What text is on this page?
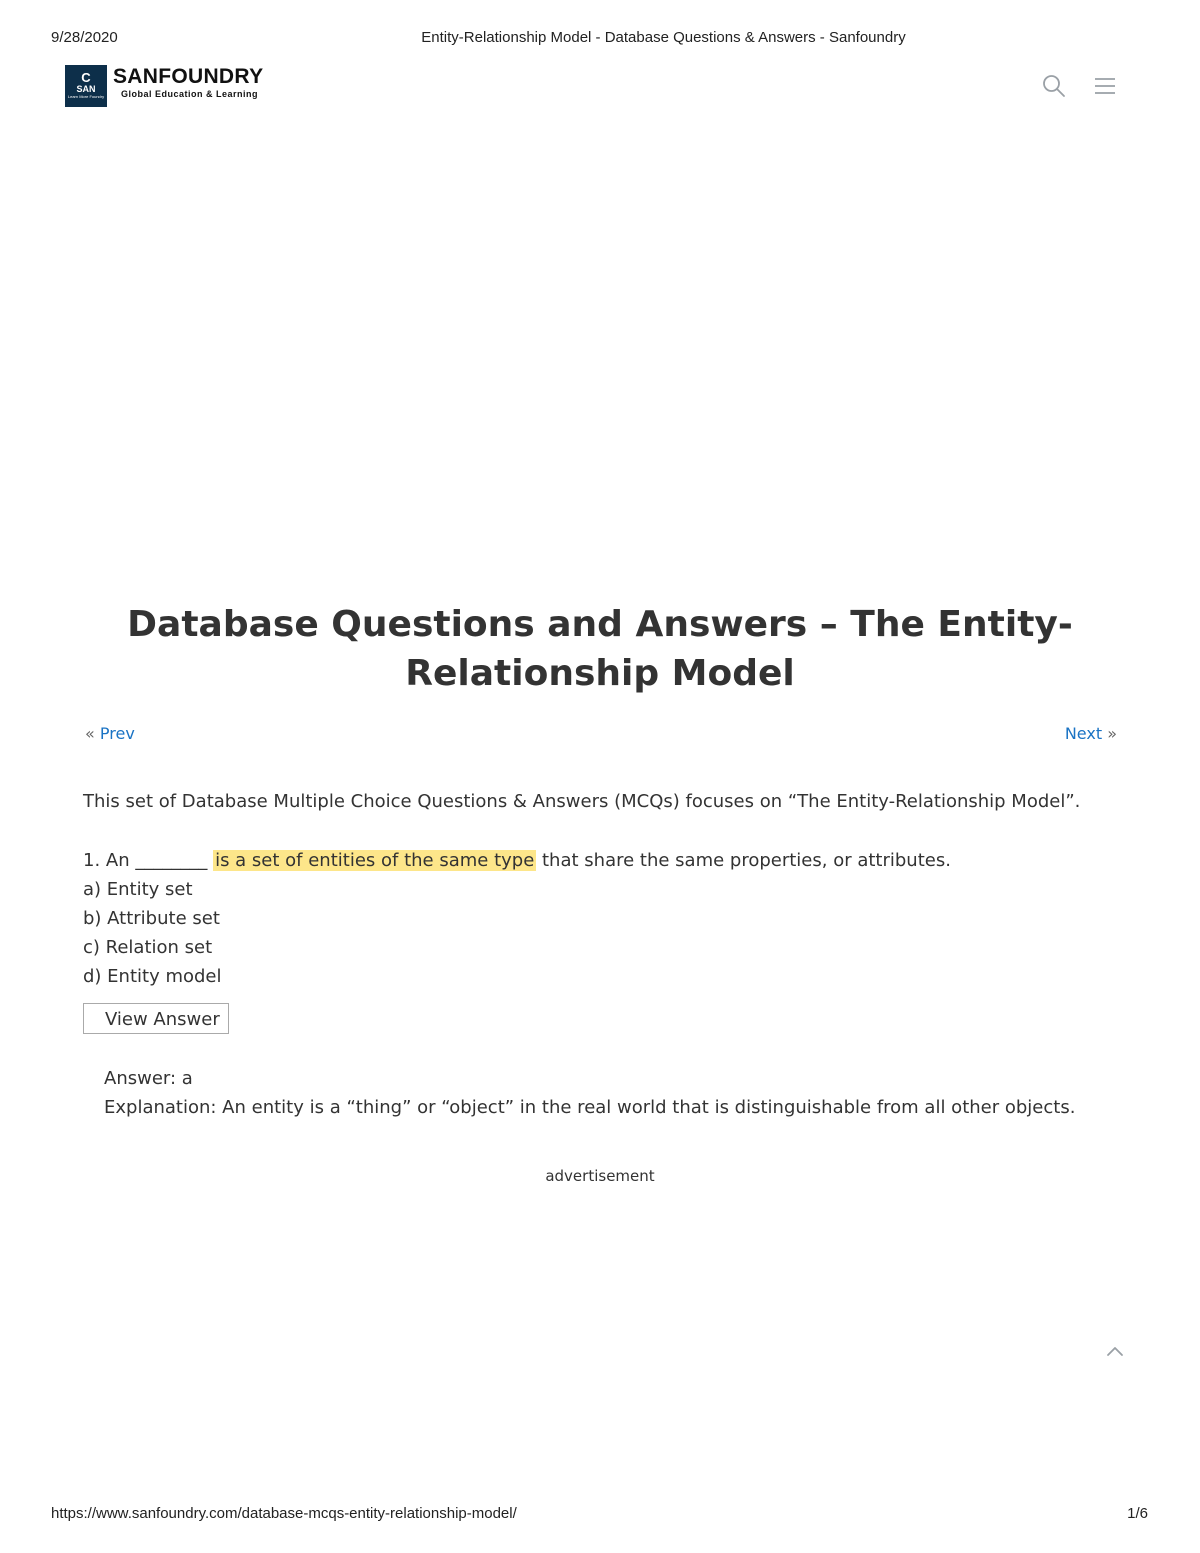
9/28/2020	Entity-Relationship Model - Database Questions & Answers - Sanfoundry
C
SAN
Learn More Foundry
SANFOUNDRY
Global Education & Learning
Database Questions and Answers – The Entity-Relationship Model
« Prev	Next »

This set of Database Multiple Choice Questions & Answers (MCQs) focuses on “The Entity-Relationship Model”.

1. An ________ is a set of entities of the same type that share the same properties, or attributes.

a) Entity set

b) Attribute set

c) Relation set

d) Entity model

View Answer

Answer: a

Explanation: An entity is a “thing” or “object” in the real world that is distinguishable from all other objects.

advertisement
https://www.sanfoundry.com/database-mcqs-entity-relationship-model/	1/6
